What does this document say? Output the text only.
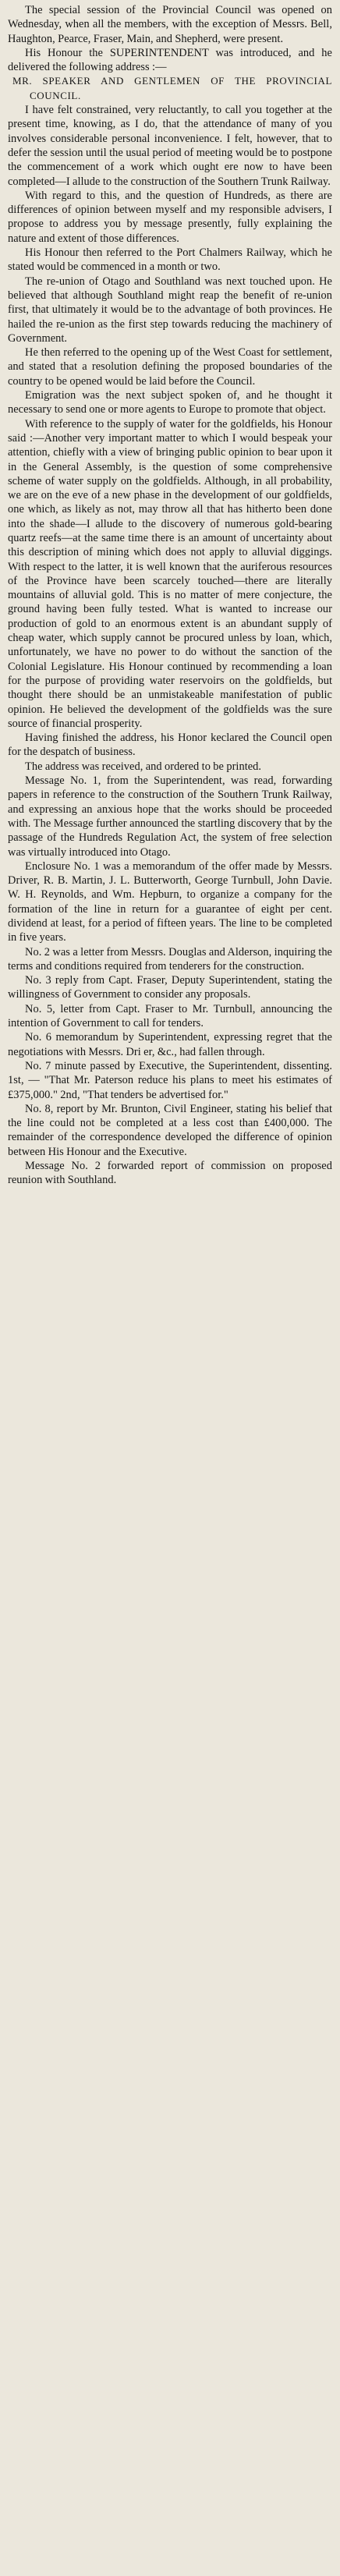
The special session of the Provincial Council was opened on Wednesday, when all the members, with the exception of Messrs. Bell, Haughton, Pearce, Fraser, Main, and Shepherd, were present.

His Honour the SUPERINTENDENT was introduced, and he delivered the following address :—

MR. SPEAKER AND GENTLEMEN OF THE PROVINCIAL COUNCIL.

I have felt constrained, very reluctantly, to call you together at the present time, knowing, as I do, that the attendance of many of you involves considerable personal inconvenience. I felt, however, that to defer the session until the usual period of meeting would be to postpone the commencement of a work which ought ere now to have been completed—I allude to the construction of the Southern Trunk Railway.

With regard to this, and the question of Hundreds, as there are differences of opinion between myself and my responsible advisers, I propose to address you by message presently, fully explaining the nature and extent of those differences.

His Honour then referred to the Port Chalmers Railway, which he stated would be commenced in a month or two.

The re-union of Otago and Southland was next touched upon. He believed that although Southland might reap the benefit of re-union first, that ultimately it would be to the advantage of both provinces. He hailed the re-union as the first step towards reducing the machinery of Government.

He then referred to the opening up of the West Coast for settlement, and stated that a resolution defining the proposed boundaries of the country to be opened would be laid before the Council.

Emigration was the next subject spoken of, and he thought it necessary to send one or more agents to Europe to promote that object.

With reference to the supply of water for the goldfields, his Honour said :—Another very important matter to which I would bespeak your attention, chiefly with a view of bringing public opinion to bear upon it in the General Assembly, is the question of some comprehensive scheme of water supply on the goldfields. Although, in all probability, we are on the eve of a new phase in the development of our goldfields, one which, as likely as not, may throw all that has hitherto been done into the shade—I allude to the discovery of numerous gold-bearing quartz reefs—at the same time there is an amount of uncertainty about this description of mining which does not apply to alluvial diggings. With respect to the latter, it is well known that the auriferous resources of the Province have been scarcely touched—there are literally mountains of alluvial gold. This is no matter of mere conjecture, the ground having been fully tested. What is wanted to increase our production of gold to an enormous extent is an abundant supply of cheap water, which supply cannot be procured unless by loan, which, unfortunately, we have no power to do without the sanction of the Colonial Legislature. His Honour continued by recommending a loan for the purpose of providing water reservoirs on the goldfields, but thought there should be an unmistakeable manifestation of public opinion. He believed the development of the goldfields was the sure source of financial prosperity.

Having finished the address, his Honor keclared the Council open for the despatch of business.

The address was received, and ordered to be printed.

Message No. 1, from the Superintendent, was read, forwarding papers in reference to the construction of the Southern Trunk Railway, and expressing an anxious hope that the works should be proceeded with. The Message further announced the startling discovery that by the passage of the Hundreds Regulation Act, the system of free selection was virtually introduced into Otago.

Enclosure No. 1 was a memorandum of the offer made by Messrs. Driver, R. B. Martin, J. L. Butterworth, George Turnbull, John Davie. W. H. Reynolds, and Wm. Hepburn, to organize a company for the formation of the line in return for a guarantee of eight per cent. dividend at least, for a period of fifteen years. The line to be completed in five years.

No. 2 was a letter from Messrs. Douglas and Alderson, inquiring the terms and conditions required from tenderers for the construction.

No. 3 reply from Capt. Fraser, Deputy Superintendent, stating the willingness of Government to consider any proposals.

No. 5, letter from Capt. Fraser to Mr. Turnbull, announcing the intention of Government to call for tenders.

No. 6 memorandum by Superintendent, expressing regret that the negotiations with Messrs. Dri er, &c., had fallen through.

No. 7 minute passed by Executive, the Superintendent, dissenting. 1st, — "That Mr. Paterson reduce his plans to meet his estimates of £375,000." 2nd, "That tenders be advertised for."

No. 8, report by Mr. Brunton, Civil Engineer, stating his belief that the line could not be completed at a less cost than £400,000. The remainder of the correspondence developed the difference of opinion between His Honour and the Executive.

Message No. 2 forwarded report of commission on proposed reunion with Southland.
